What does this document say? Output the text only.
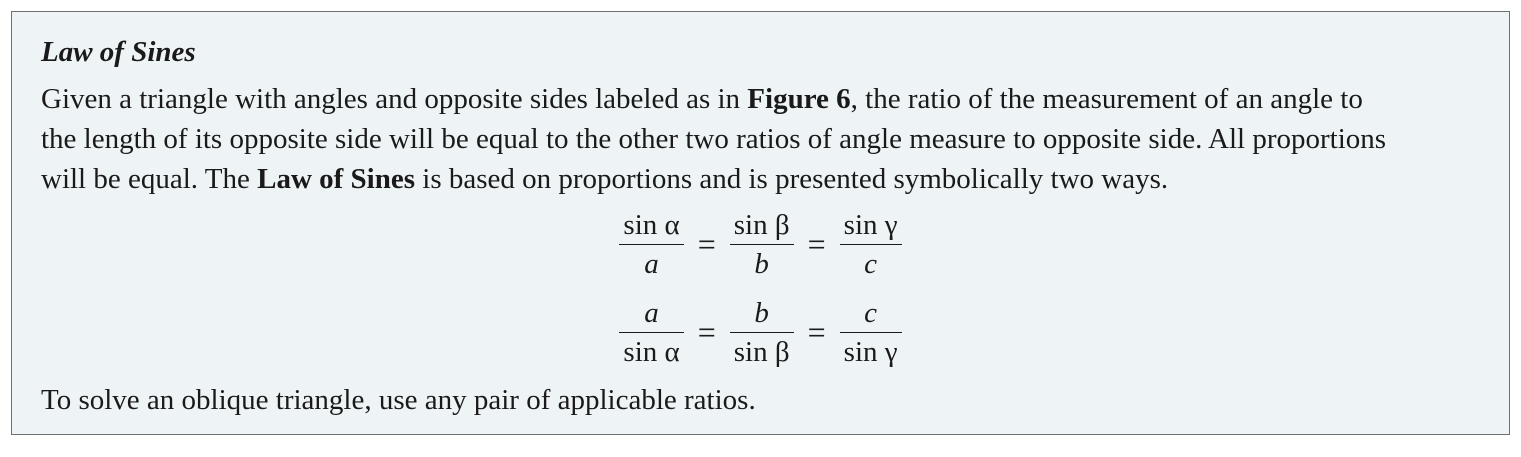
Law of Sines
Given a triangle with angles and opposite sides labeled as in Figure 6, the ratio of the measurement of an angle to
the length of its opposite side will be equal to the other two ratios of angle measure to opposite side. All proportions
will be equal. The Law of Sines is based on proportions and is presented symbolically two ways.
$\frac{\text{sin α}}{a} = \frac{\text{sin β}}{b} = \frac{\text{sin γ}}{c}$
$\frac{a}{\text{sin α}} = \frac{b}{\text{sin β}} = \frac{c}{\text{sin γ}}$
To solve an oblique triangle, use any pair of applicable ratios.
